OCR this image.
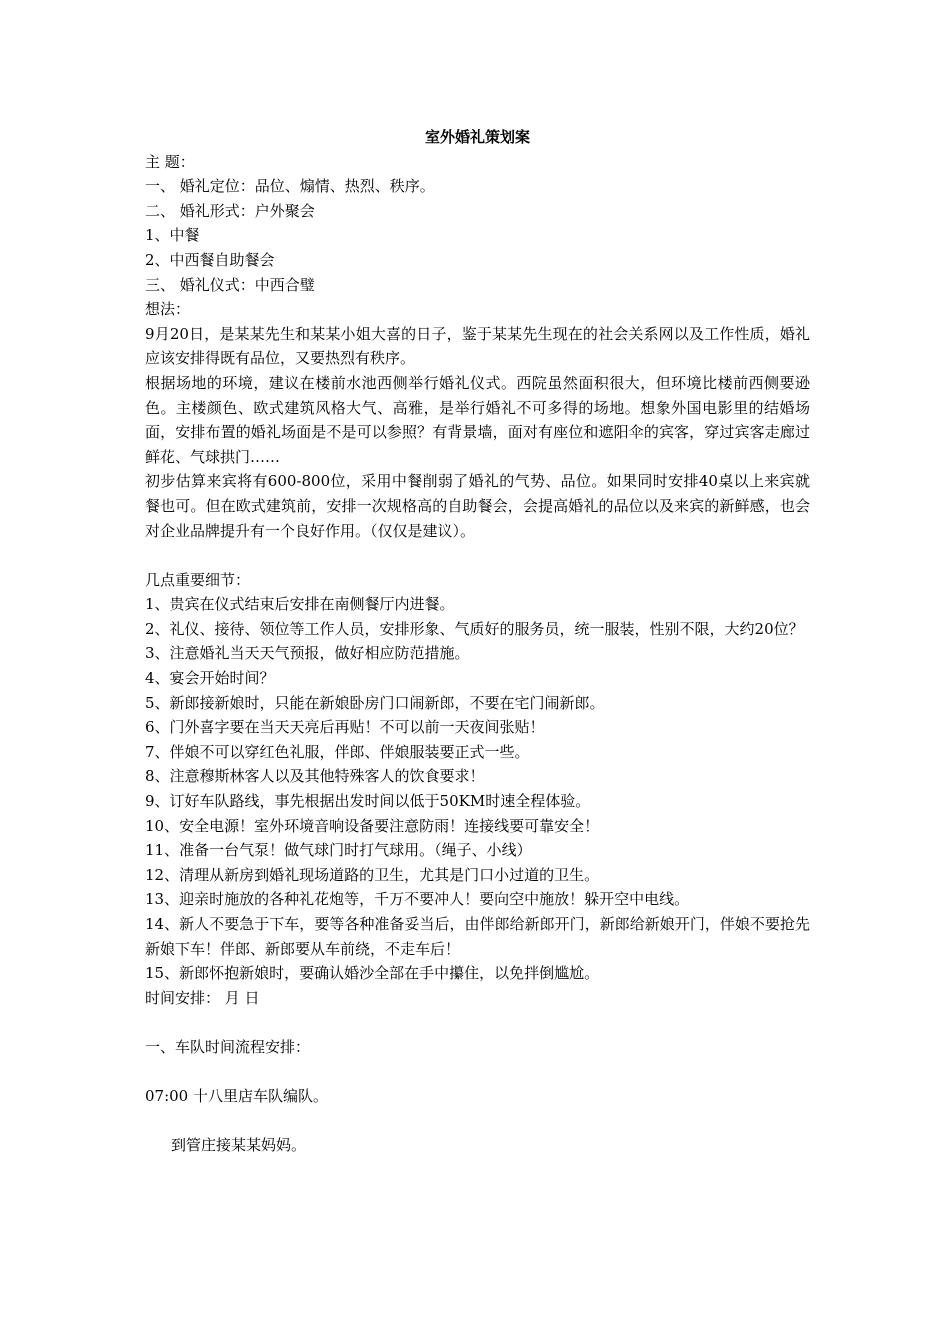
室外婚礼策划案

主 题：

一、 婚礼定位：品位、煽情、热烈、秩序。

二、 婚礼形式：户外聚会

1、中餐

2、中西餐自助餐会

三、 婚礼仪式：中西合璧

想法：

9月20日，是某某先生和某某小姐大喜的日子，鉴于某某先生现在的社会关系网以及工作性质，婚礼应该安排得既有品位，又要热烈有秩序。

根据场地的环境，建议在楼前水池西侧举行婚礼仪式。西院虽然面积很大，但环境比楼前西侧要逊色。主楼颜色、欧式建筑风格大气、高雅，是举行婚礼不可多得的场地。想象外国电影里的结婚场面，安排布置的婚礼场面是不是可以参照？有背景墙，面对有座位和遮阳伞的宾客，穿过宾客走廊过鲜花、气球拱门……

初步估算来宾将有600-800位，采用中餐削弱了婚礼的气势、品位。如果同时安排40桌以上来宾就餐也可。但在欧式建筑前，安排一次规格高的自助餐会，会提高婚礼的品位以及来宾的新鲜感，也会对企业品牌提升有一个良好作用。（仅仅是建议）。

几点重要细节：

1、贵宾在仪式结束后安排在南侧餐厅内进餐。

2、礼仪、接待、领位等工作人员，安排形象、气质好的服务员，统一服装，性别不限，大约20位？

3、注意婚礼当天天气预报，做好相应防范措施。

4、宴会开始时间？

5、新郎接新娘时，只能在新娘卧房门口闹新郎，不要在宅门闹新郎。

6、门外喜字要在当天天亮后再贴！不可以前一天夜间张贴！

7、伴娘不可以穿红色礼服，伴郎、伴娘服装要正式一些。

8、注意穆斯林客人以及其他特殊客人的饮食要求！

9、订好车队路线，事先根据出发时间以低于50KM时速全程体验。

10、安全电源！室外环境音响设备要注意防雨！连接线要可靠安全！

11、准备一台气泵！做气球门时打气球用。（绳子、小线）

12、清理从新房到婚礼现场道路的卫生，尤其是门口小过道的卫生。

13、迎亲时施放的各种礼花炮等，千万不要冲人！要向空中施放！躲开空中电线。

14、新人不要急于下车，要等各种准备妥当后，由伴郎给新郎开门，新郎给新娘开门，伴娘不要抢先新娘下车！伴郎、新郎要从车前绕，不走车后！

15、新郎怀抱新娘时，要确认婚沙全部在手中攥住，以免拌倒尴尬。

时间安排： 月 日

一、车队时间流程安排：

07:00 十八里店车队编队。

到管庄接某某妈妈。
